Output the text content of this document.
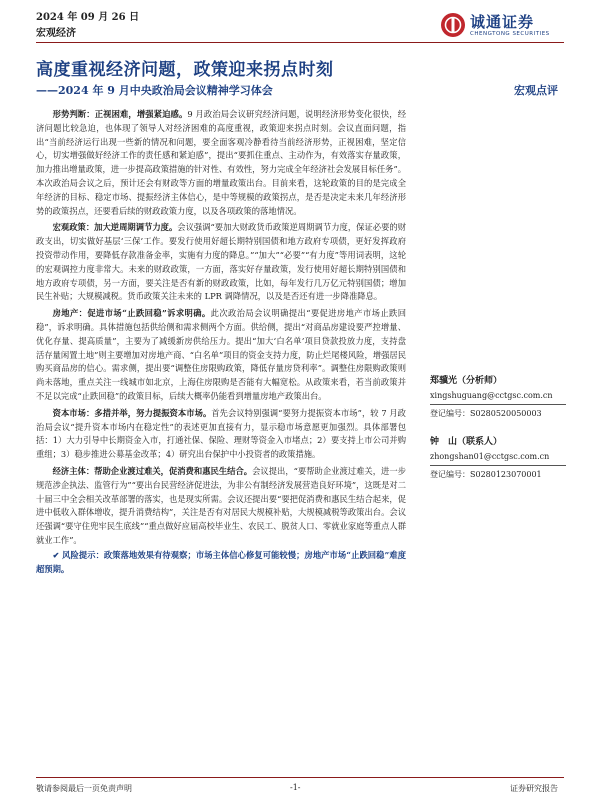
2024 年 09 月 26 日
宏观经济
诚通证券
CHENGTONG SECURITIES
高度重视经济问题，政策迎来拐点时刻
——2024 年 9 月中央政治局会议精神学习体会	宏观点评

形势判断：正视困难，增强紧迫感。9 月政治局会议研究经济问题，说明经济形势变化很快，经济问题比较急迫，也体现了领导人对经济困难的高度重视，政策迎来拐点时刻。会议直面问题，指出“当前经济运行出现一些新的情况和问题，要全面客观冷静看待当前经济形势，正视困难，坚定信心，切实增强做好经济工作的责任感和紧迫感”，提出“要抓住重点、主动作为，有效落实存量政策，加力推出增量政策，进一步提高政策措施的针对性、有效性，努力完成全年经济社会发展目标任务”。本次政治局会议之后，预计还会有财政等方面的增量政策出台。目前来看，这轮政策的目的是完成全年经济的目标、稳定市场、提振经济主体信心，是中等规模的政策拐点，是否是决定未来几年经济形势的政策拐点，还要看后续的财政政策力度，以及各项政策的落地情况。

宏观政策：加大逆周期调节力度。会议强调“要加大财政货币政策逆周期调节力度，保证必要的财政支出，切实做好基层‘三保’工作。要发行使用好超长期特别国债和地方政府专项债，更好发挥政府投资带动作用，要降低存款准备金率，实施有力度的降息。”“加大”“必要”“有力度”等用词表明，这轮的宏观调控力度非常大。未来的财政政策，一方面，落实好存量政策，发行使用好超长期特别国债和地方政府专项债，另一方面，要关注是否有新的财政政策，比如，每年发行几万亿元特别国债；增加民生补贴；大规模减税。货币政策关注未来的 LPR 调降情况，以及是否还有进一步降准降息。

房地产：促进市场“止跌回稳”诉求明确。此次政治局会议明确提出“要促进房地产市场止跌回稳”，诉求明确。具体措施包括供给侧和需求侧两个方面。供给侧，提出“对商品房建设要严控增量、优化存量、提高质量”，主要为了减缓新房供给压力。提出“加大‘白名单’项目贷款投放力度，支持盘活存量闲置土地”则主要增加对房地产商、“白名单”项目的资金支持力度，防止烂尾楼风险，增强居民购买商品房的信心。需求侧，提出要“调整住房限购政策，降低存量房贷利率”。调整住房限购政策则尚未落地，重点关注一线城市如北京，上海住房限购是否能有大幅宽松。从政策来看，若当前政策并不足以完成“止跌回稳”的政策目标，后续大概率仍能看到增量房地产政策出台。

资本市场：多措并举，努力提振资本市场。首先会议特别强调“要努力提振资本市场”，较 7 月政治局会议“提升资本市场内在稳定性”的表述更加直接有力，显示稳市场意愿更加强烈。具体部署包括：1）大力引导中长期资金入市，打通社保、保险、理财等资金入市堵点；2）要支持上市公司并购重组；3）稳步推进公募基金改革；4）研究出台保护中小投资者的政策措施。

经济主体：帮助企业渡过难关，促消费和惠民生结合。会议提出，“要帮助企业渡过难关，进一步规范涉企执法、监管行为”“要出台民营经济促进法，为非公有制经济发展营造良好环境”，这既是对二十届三中全会相关改革部署的落实，也是现实所需。会议还提出要“要把促消费和惠民生结合起来，促进中低收入群体增收，提升消费结构”，关注是否有对居民大规模补贴，大规模减税等政策出台。会议还强调“要守住兜牢民生底线”“重点做好应届高校毕业生、农民工、脱贫人口、零就业家庭等重点人群就业工作”。

✔ 风险提示：政策落地效果有待观察；市场主体信心修复可能较慢；房地产市场“止跌回稳”难度超预期。

郑骥光（分析师）
xingshuguang@cctgsc.com.cn
登记编号：S0280520050003
钟　山（联系人）
zhongshan01@cctgsc.com.cn
登记编号：S0280123070001
敬请参阅最后一页免责声明	-1-	证券研究报告
